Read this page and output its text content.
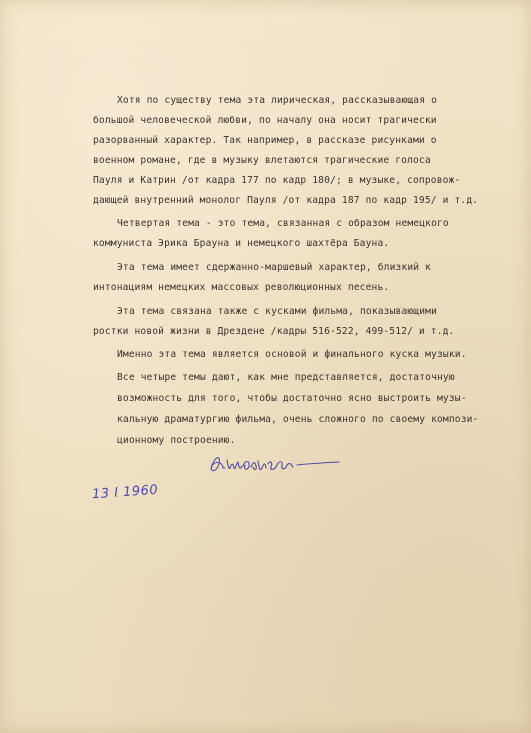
Хотя по существу тема эта лирическая, рассказывающая о

большой человеческой любви, по началу она носит трагически

разорванный характер. Так например, в рассказе рисунками о

военном романе, где в музыку влетаются трагические голоса

Пауля и Катрин /от кадра 177 по кадр 180/; в музыке, сопровож-

дающей внутренний монолог Пауля /от кадра 187 по кадр 195/ и т.д.

Четвертая тема - это тема, связанная с образом немецкого

коммуниста Эрика Брауна и немецкого шахтёра Бауна.

Эта тема имеет сдержанно-маршевый характер, близкий к

интонациям немецких массовых революционных песень.

Эта тема связана также с кусками фильма, показывающими

ростки новой жизни в Дрездене /кадры 516-522, 499-512/ и т.д.

Именно эта тема является основой и финального куска музыки.

Все четыре темы дают, как мне представляется, достаточную

возможность для того, чтобы достаточно ясно выстроить музы-

кальную драматургию фильма, очень сложного по своему компози-

ционному построению.

13 I 1960
